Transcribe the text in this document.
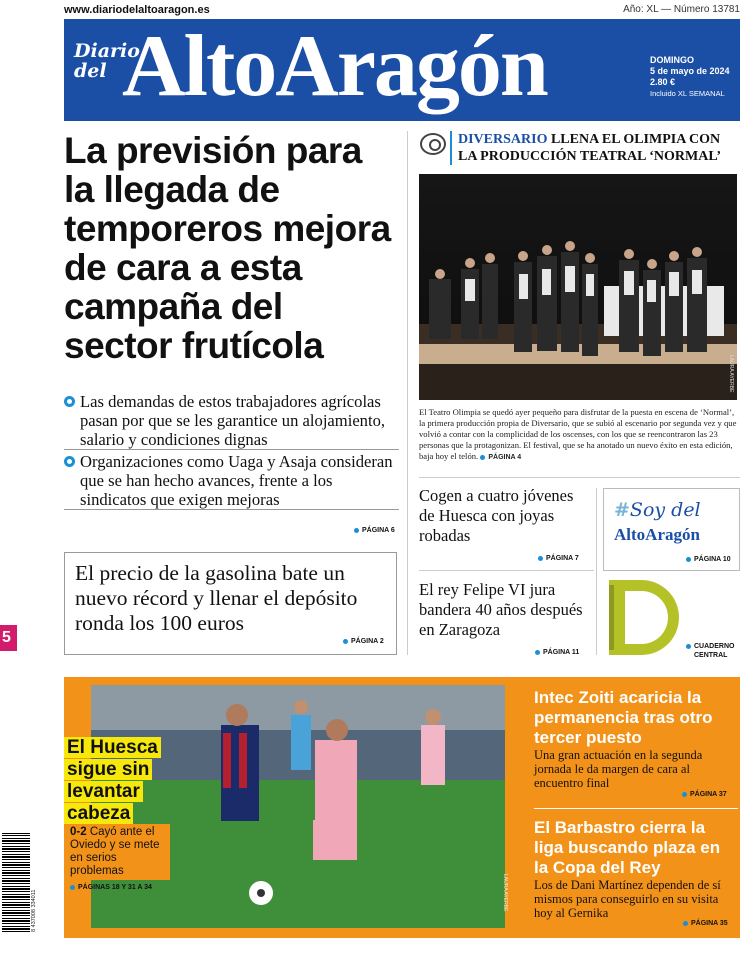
www.diariodelaltoaragon.es	Año: XL — Número 13781
Diario
del AltoAragón	DOMINGO
5 de mayo de 2024
2.80 €
Incluido XL SEMANAL
La previsión para la llegada de temporeros mejora de cara a esta campaña del sector frutícola
Las demandas de estos trabajadores agrícolas pasan por que se les garantice un alojamiento, salario y condiciones dignas
Organizaciones como Uaga y Asaja consideran que se han hecho avances, frente a los sindicatos que exigen mejoras
PÁGINA 6
El precio de la gasolina bate un nuevo récord y llenar el depósito ronda los 100 euros
PÁGINA 2
DIVERSARIO LLENA EL OLIMPIA CON LA PRODUCCIÓN TEATRAL ‘NORMAL’
LAURA AYERBE
El Teatro Olimpia se quedó ayer pequeño para disfrutar de la puesta en escena de ‘Normal’, la primera producción propia de Diversario, que se subió al escenario por segunda vez y que volvió a contar con la complicidad de los oscenses, con los que se reencontraron las 23 personas que la protagonizan. El festival, que se ha anotado un nuevo éxito en esta edición, baja hoy el telón. PÁGINA 4
Cogen a cuatro jóvenes de Huesca con joyas robadas
PÁGINA 7
El rey Felipe VI jura bandera 40 años después en Zaragoza
PÁGINA 11
#Soy del
AltoAragón
PÁGINA 10
CUADERNO
CENTRAL
5
8 437008 334011	LAURA AYERBE
El Huesca
sigue sin
levantar
cabeza
0-2 Cayó ante el Oviedo y se mete en serios problemas
PÁGINAS 18 Y 31 A 34
Intec Zoiti acaricia la permanencia tras otro tercer puesto
Una gran actuación en la segunda jornada le da margen de cara al encuentro final
PÁGINA 37
El Barbastro cierra la liga buscando plaza en la Copa del Rey
Los de Dani Martínez dependen de sí mismos para conseguirlo en su visita hoy al Gernika
PÁGINA 35
